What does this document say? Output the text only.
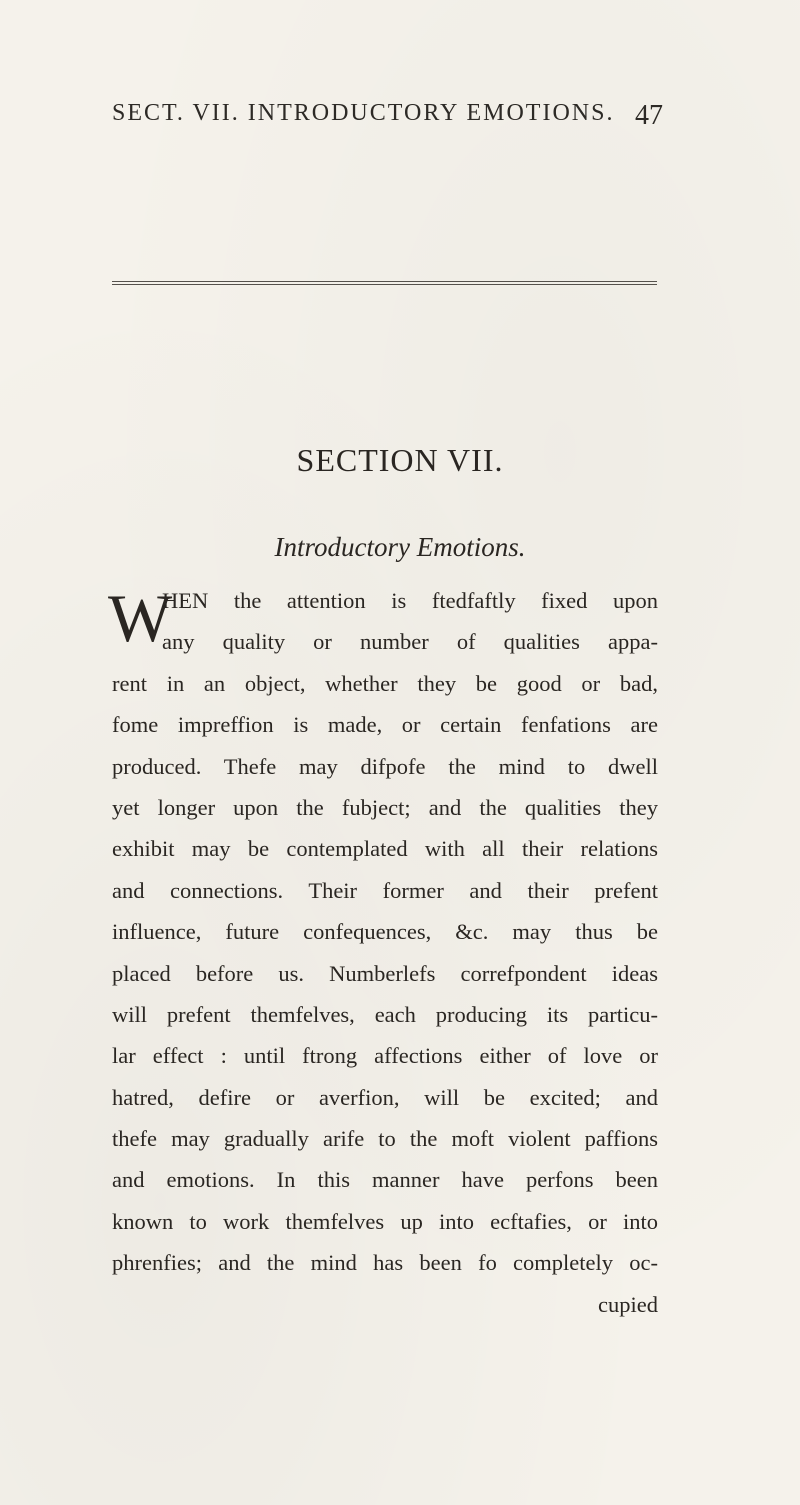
SECT. VII. INTRODUCTORY EMOTIONS. 47
SECTION VII.
Introductory Emotions.
W
HEN the attention is ftedfaftly fixed upon
any quality or number of qualities appa-
rent in an object, whether they be good or bad,
fome impreffion is made, or certain fenfations are
produced. Thefe may difpofe the mind to dwell
yet longer upon the fubject; and the qualities they
exhibit may be contemplated with all their relations
and connections. Their former and their prefent
influence, future confequences, &c. may thus be
placed before us. Numberlefs correfpondent ideas
will prefent themfelves, each producing its particu-
lar effect : until ftrong affections either of love or
hatred, defire or averfion, will be excited; and
thefe may gradually arife to the moft violent paffions
and emotions. In this manner have perfons been
known to work themfelves up into ecftafies, or into
phrenfies; and the mind has been fo completely oc-
cupied
